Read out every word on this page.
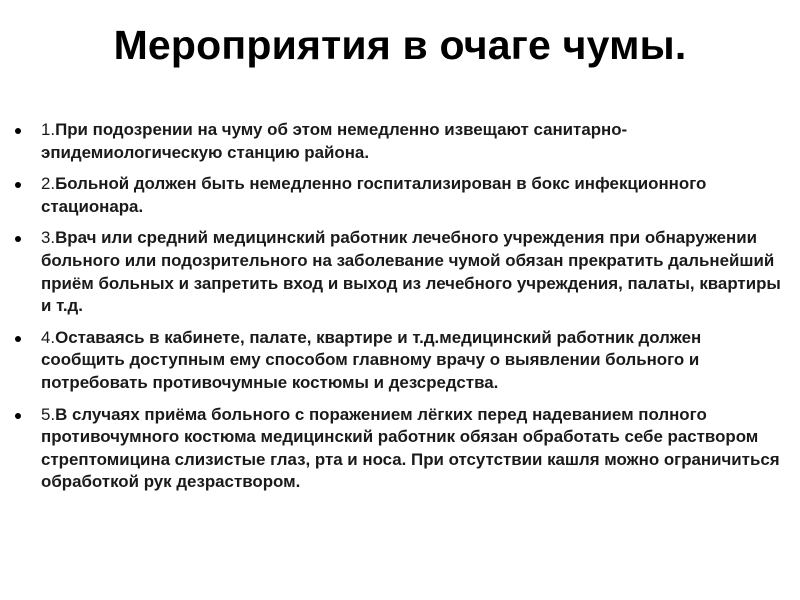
Мероприятия в очаге чумы.
1.При подозрении на чуму об этом немедленно извещают санитарно-эпидемиологическую станцию района.
2.Больной должен быть немедленно госпитализирован в бокс инфекционного стационара.
3.Врач или средний медицинский работник лечебного учреждения при обнаружении больного или подозрительного на заболевание чумой обязан прекратить дальнейший приём больных и запретить вход и выход из лечебного учреждения, палаты, квартиры и т.д.
4.Оставаясь в кабинете, палате, квартире и т.д.медицинский работник должен сообщить доступным ему способом главному врачу о выявлении больного и потребовать противочумные костюмы и дезсредства.
5.В случаях приёма больного с поражением лёгких перед надеванием полного противочумного костюма медицинский работник обязан обработать себе раствором стрептомицина слизистые глаз, рта и носа. При отсутствии кашля можно ограничиться обработкой рук дезраствором.
